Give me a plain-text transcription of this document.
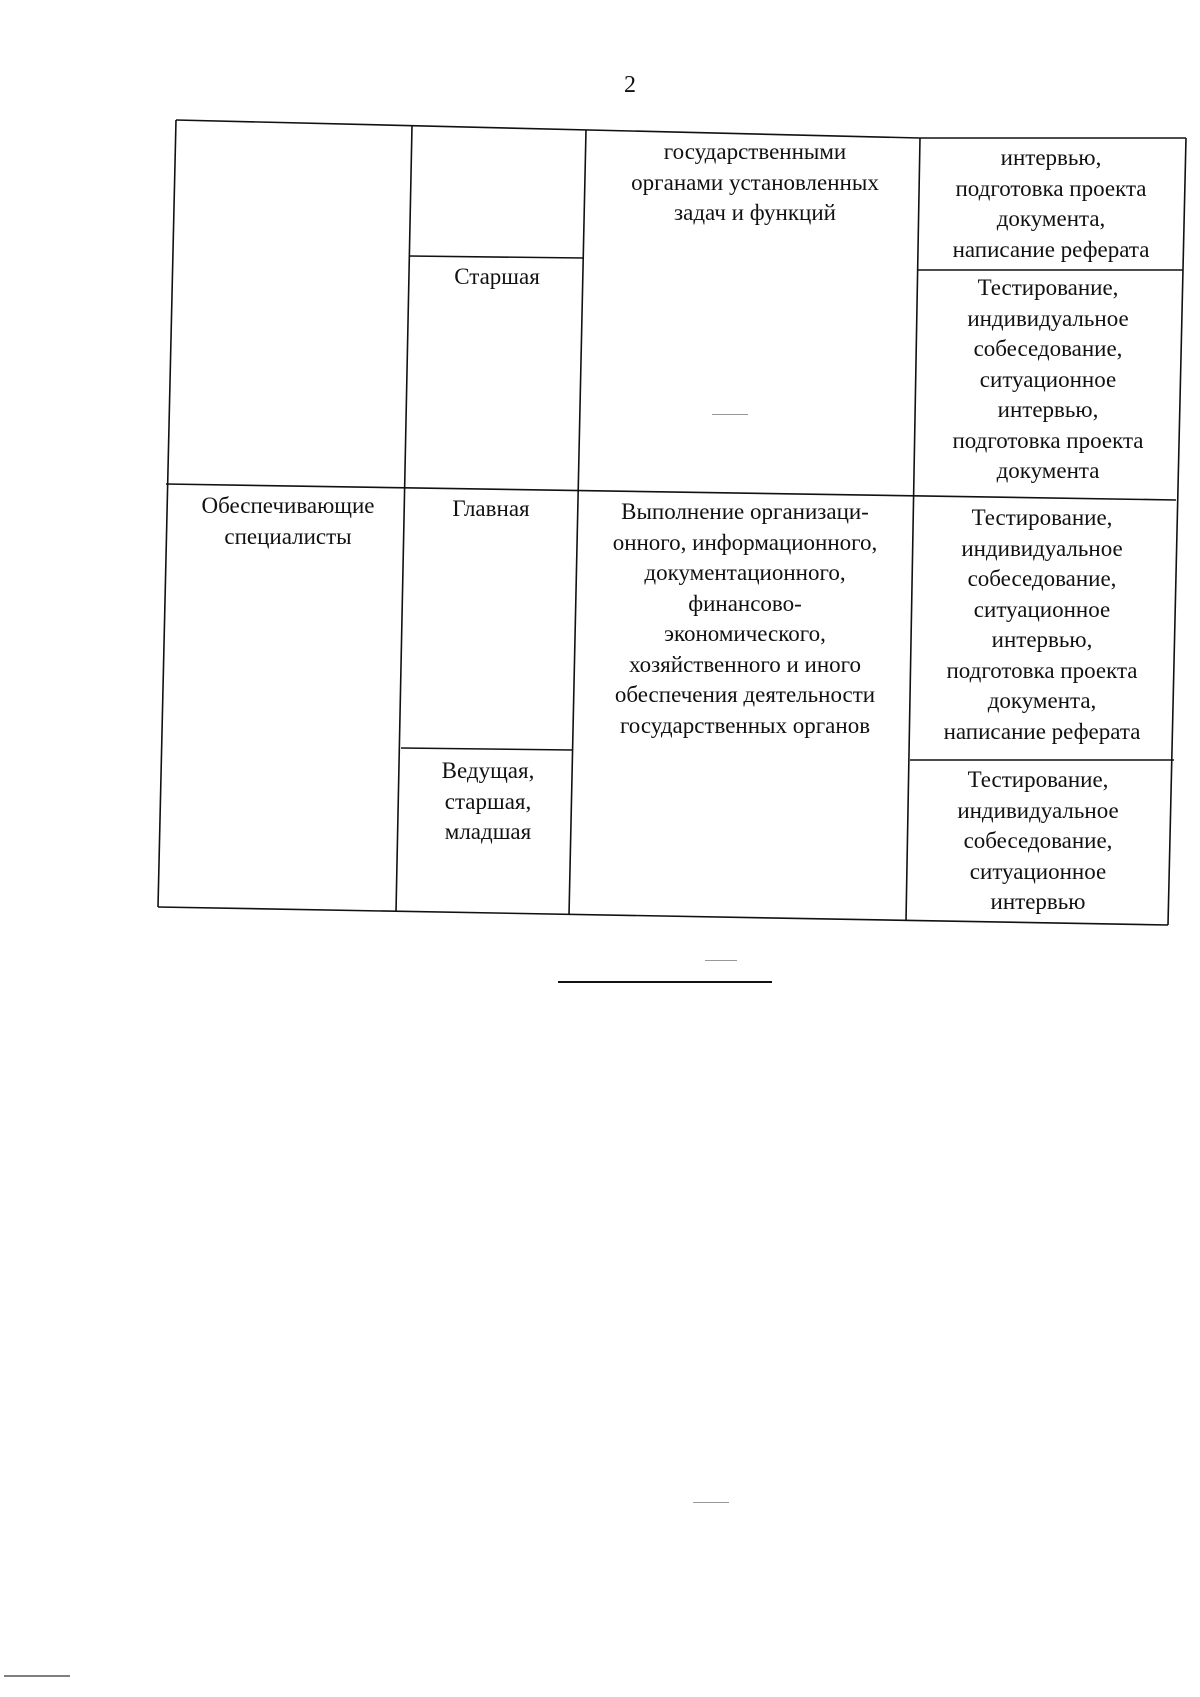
2
государственными
органами установленных
задач и функций
интервью,
подготовка проекта
документа,
написание реферата
Старшая	Тестирование,
индивидуальное
собеседование,
ситуационное
интервью,
подготовка проекта
документа
Обеспечивающие
специалисты
Главная	Выполнение организаци-
онного, информационного,
документационного,
финансово-
экономического,
хозяйственного и иного
обеспечения деятельности
государственных органов
Тестирование,
индивидуальное
собеседование,
ситуационное
интервью,
подготовка проекта
документа,
написание реферата
Ведущая,
старшая,
младшая
Тестирование,
индивидуальное
собеседование,
ситуационное
интервью
